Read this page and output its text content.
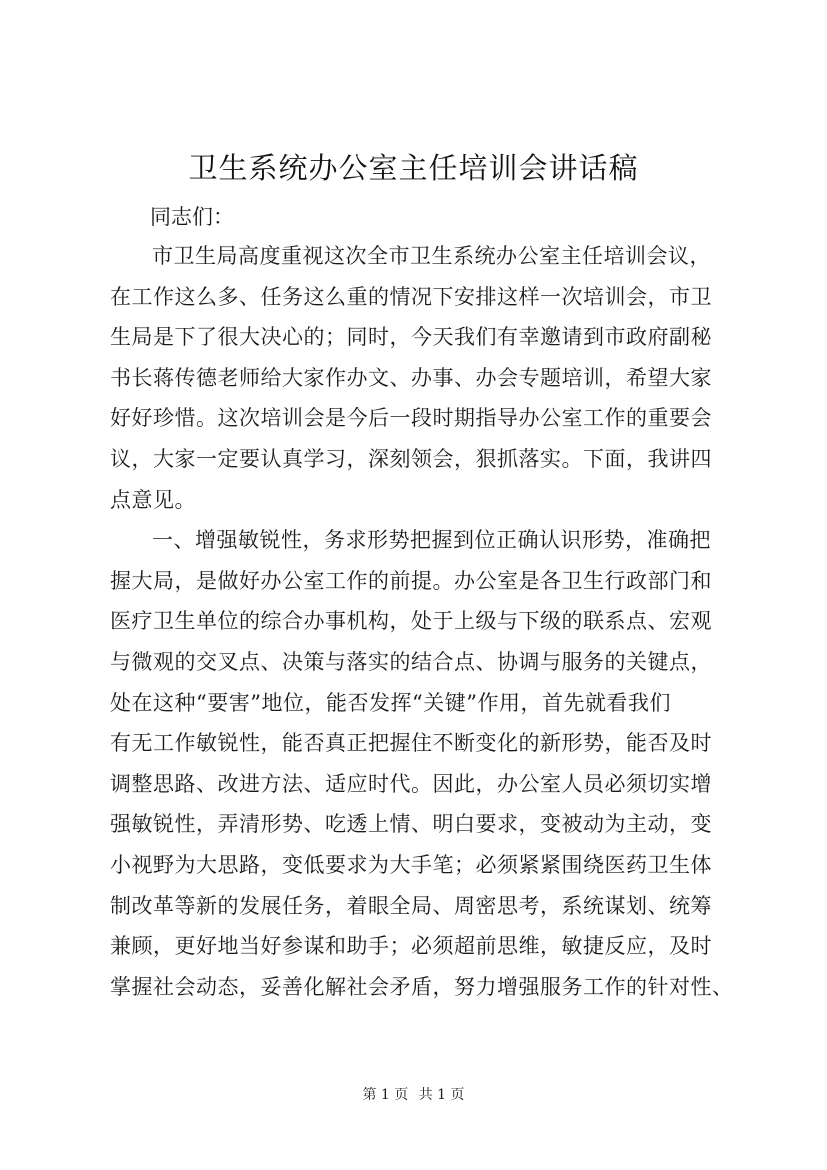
卫生系统办公室主任培训会讲话稿

同志们：

市卫生局高度重视这次全市卫生系统办公室主任培训会议，
在工作这么多、任务这么重的情况下安排这样一次培训会，市卫
生局是下了很大决心的；同时，今天我们有幸邀请到市政府副秘
书长蒋传德老师给大家作办文、办事、办会专题培训，希望大家
好好珍惜。这次培训会是今后一段时期指导办公室工作的重要会
议，大家一定要认真学习，深刻领会，狠抓落实。下面，我讲四
点意见。
一、增强敏锐性，务求形势把握到位正确认识形势，准确把
握大局，是做好办公室工作的前提。办公室是各卫生行政部门和
医疗卫生单位的综合办事机构，处于上级与下级的联系点、宏观
与微观的交叉点、决策与落实的结合点、协调与服务的关键点，
处在这种“要害”地位，能否发挥“关键”作用，首先就看我们
有无工作敏锐性，能否真正把握住不断变化的新形势，能否及时
调整思路、改进方法、适应时代。因此，办公室人员必须切实增
强敏锐性，弄清形势、吃透上情、明白要求，变被动为主动，变
小视野为大思路，变低要求为大手笔；必须紧紧围绕医药卫生体
制改革等新的发展任务，着眼全局、周密思考，系统谋划、统筹
兼顾，更好地当好参谋和助手；必须超前思维，敏捷反应，及时
掌握社会动态，妥善化解社会矛盾，努力增强服务工作的针对性、
第 1 页 共 1 页
